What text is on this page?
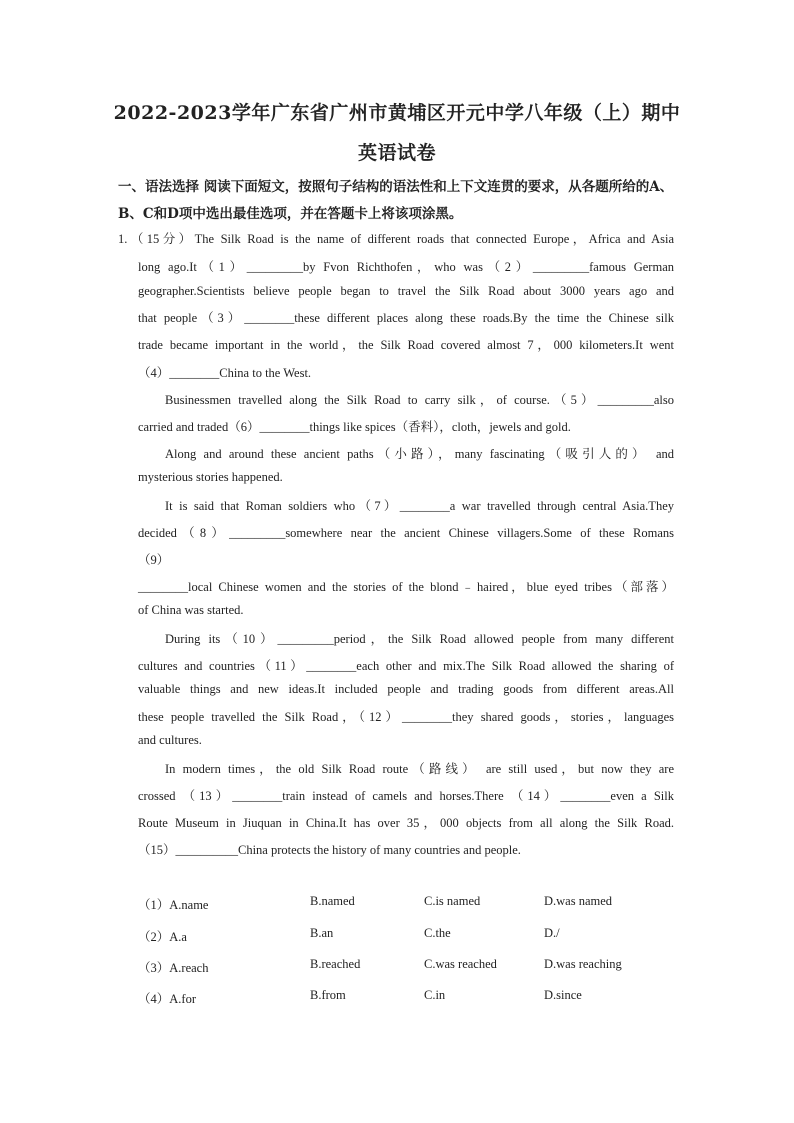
2022-2023学年广东省广州市黄埔区开元中学八年级（上）期中
英语试卷
一、语法选择 阅读下面短文，按照句子结构的语法性和上下文连贯的要求，从各题所给的A、B、C和D项中选出最佳选项，并在答题卡上将该项涂黑。
1.（15分）The Silk Road is the name of different roads that connected Europe，Africa and Asia
long ago.It（1）_________by Fvon Richthofen，who was（2）_________famous German
geographer.Scientists believe people began to travel the Silk Road about 3000 years ago and
that people（3）________these different places along these roads.By the time the Chinese silk
trade became important in the world，the Silk Road covered almost 7，000 kilometers.It went
（4）________China to the West.
Businessmen travelled along the Silk Road to carry silk，of course.（5）_________also
carried and traded（6）________things like spices（香料），cloth，jewels and gold.
Along and around these ancient paths（小路），many fascinating（吸引人的） and
mysterious stories happened.
It is said that Roman soldiers who（7）________a war travelled through central Asia.They
decided（8）_________somewhere near the ancient Chinese villagers.Some of these Romans
（9）
________local Chinese women and the stories of the blond﹣haired，blue eyed tribes（部落）
of China was started.
During its（10）_________period，the Silk Road allowed people from many different
cultures and countries（11）________each other and mix.The Silk Road allowed the sharing of
valuable things and new ideas.It included people and trading goods from different areas.All
these people travelled the Silk Road，（12）________they shared goods，stories，languages
and cultures.
In modern times，the old Silk Road route（路线） are still used，but now they are
crossed （13）________train instead of camels and horses.There （14）________even a Silk
Route Museum in Jiuquan in China.It has over 35，000 objects from all along the Silk Road.
（15）__________China protects the history of many countries and people.
（1）A.name	B.named	C.is named	D.was named
（2）A.a	B.an	C.the	D./
（3）A.reach	B.reached	C.was reached	D.was reaching
（4）A.for	B.from	C.in	D.since
